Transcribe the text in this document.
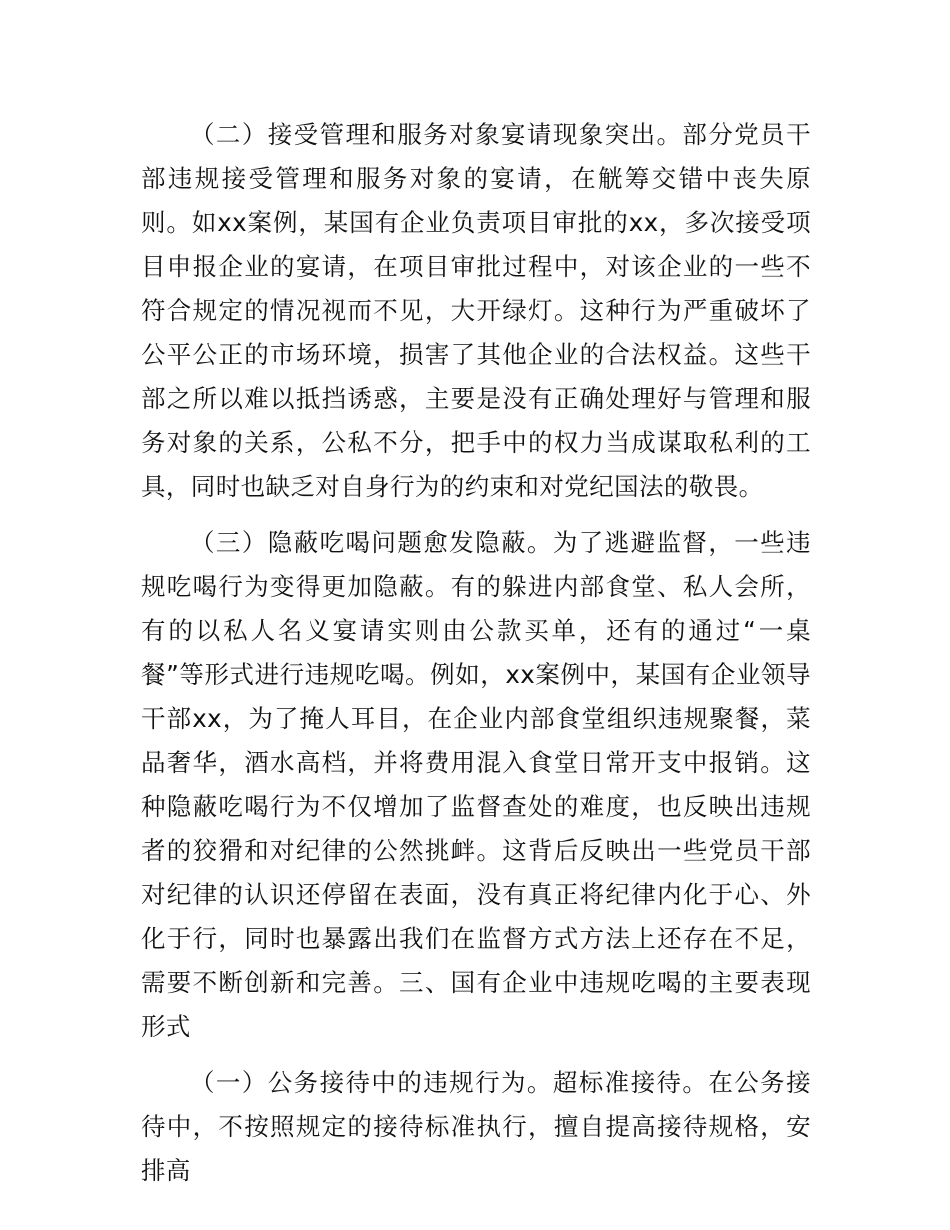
（二）接受管理和服务对象宴请现象突出。部分党员干部违规接受管理和服务对象的宴请，在觥筹交错中丧失原则。如xx案例，某国有企业负责项目审批的xx，多次接受项目申报企业的宴请，在项目审批过程中，对该企业的一些不符合规定的情况视而不见，大开绿灯。这种行为严重破坏了公平公正的市场环境，损害了其他企业的合法权益。这些干部之所以难以抵挡诱惑，主要是没有正确处理好与管理和服务对象的关系，公私不分，把手中的权力当成谋取私利的工具，同时也缺乏对自身行为的约束和对党纪国法的敬畏。

（三）隐蔽吃喝问题愈发隐蔽。为了逃避监督，一些违规吃喝行为变得更加隐蔽。有的躲进内部食堂、私人会所，有的以私人名义宴请实则由公款买单，还有的通过“一桌餐”等形式进行违规吃喝。例如，xx案例中，某国有企业领导干部xx，为了掩人耳目，在企业内部食堂组织违规聚餐，菜品奢华，酒水高档，并将费用混入食堂日常开支中报销。这种隐蔽吃喝行为不仅增加了监督查处的难度，也反映出违规者的狡猾和对纪律的公然挑衅。这背后反映出一些党员干部对纪律的认识还停留在表面，没有真正将纪律内化于心、外化于行，同时也暴露出我们在监督方式方法上还存在不足，需要不断创新和完善。三、国有企业中违规吃喝的主要表现形式

（一）公务接待中的违规行为。超标准接待。在公务接待中，不按照规定的接待标准执行，擅自提高接待规格，安排高
